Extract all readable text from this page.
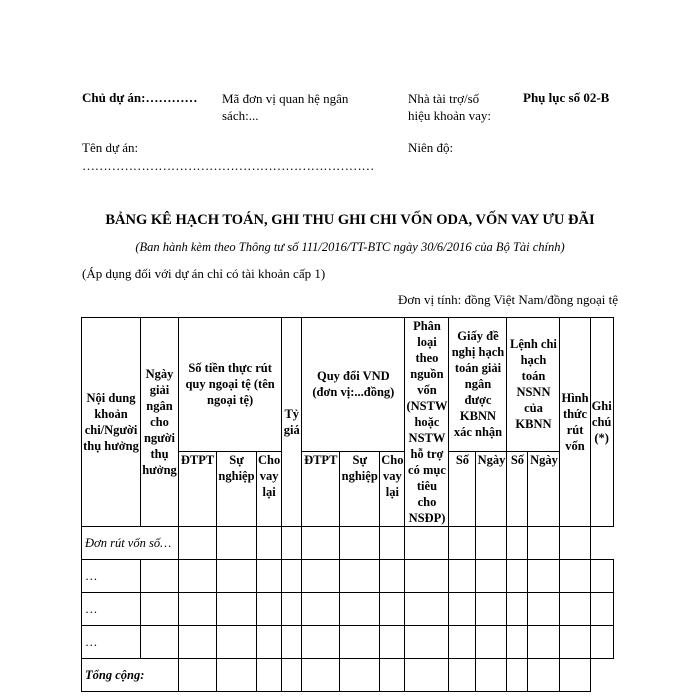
Chủ dự án:………… Mã đơn vị quan hệ ngân
sách:...
Nhà tài trợ/số
hiệu khoản vay:
Phụ lục số 02-B
Tên dự án:
……………………………………………………………
Niên độ:
BẢNG KÊ HẠCH TOÁN, GHI THU GHI CHI VỐN ODA, VỐN VAY ƯU ĐÃI
(Ban hành kèm theo Thông tư số 111/2016/TT-BTC ngày 30/6/2016 của Bộ Tài chính)
(Áp dụng đối với dự án chỉ có tài khoản cấp 1)
Đơn vị tính: đồng Việt Nam/đồng ngoại tệ
Nội dung khoản chi/Người thụ hưởng	Ngày giải ngân cho người thụ hưởng	Số tiền thực rút quy ngoại tệ (tên ngoại tệ)			Tỷ giá	Quy đổi VND (đơn vị:...đồng)			Phân loại theo nguồn vốn (NSTW hoặc NSTW hỗ trợ có mục tiêu cho NSĐP)	Giấy đề nghị hạch toán giải ngân được KBNN xác nhận		Lệnh chi hạch toán NSNN của KBNN		Hình thức rút vốn	Ghi chú (*)
		ĐTPT	Sự nghiệp	Cho vay lại		ĐTPT	Sự nghiệp	Cho vay lại		Số	Ngày	Số	Ngày		
Đơn rút vốn số…															
…															
…															
…															
Tổng cộng:															
